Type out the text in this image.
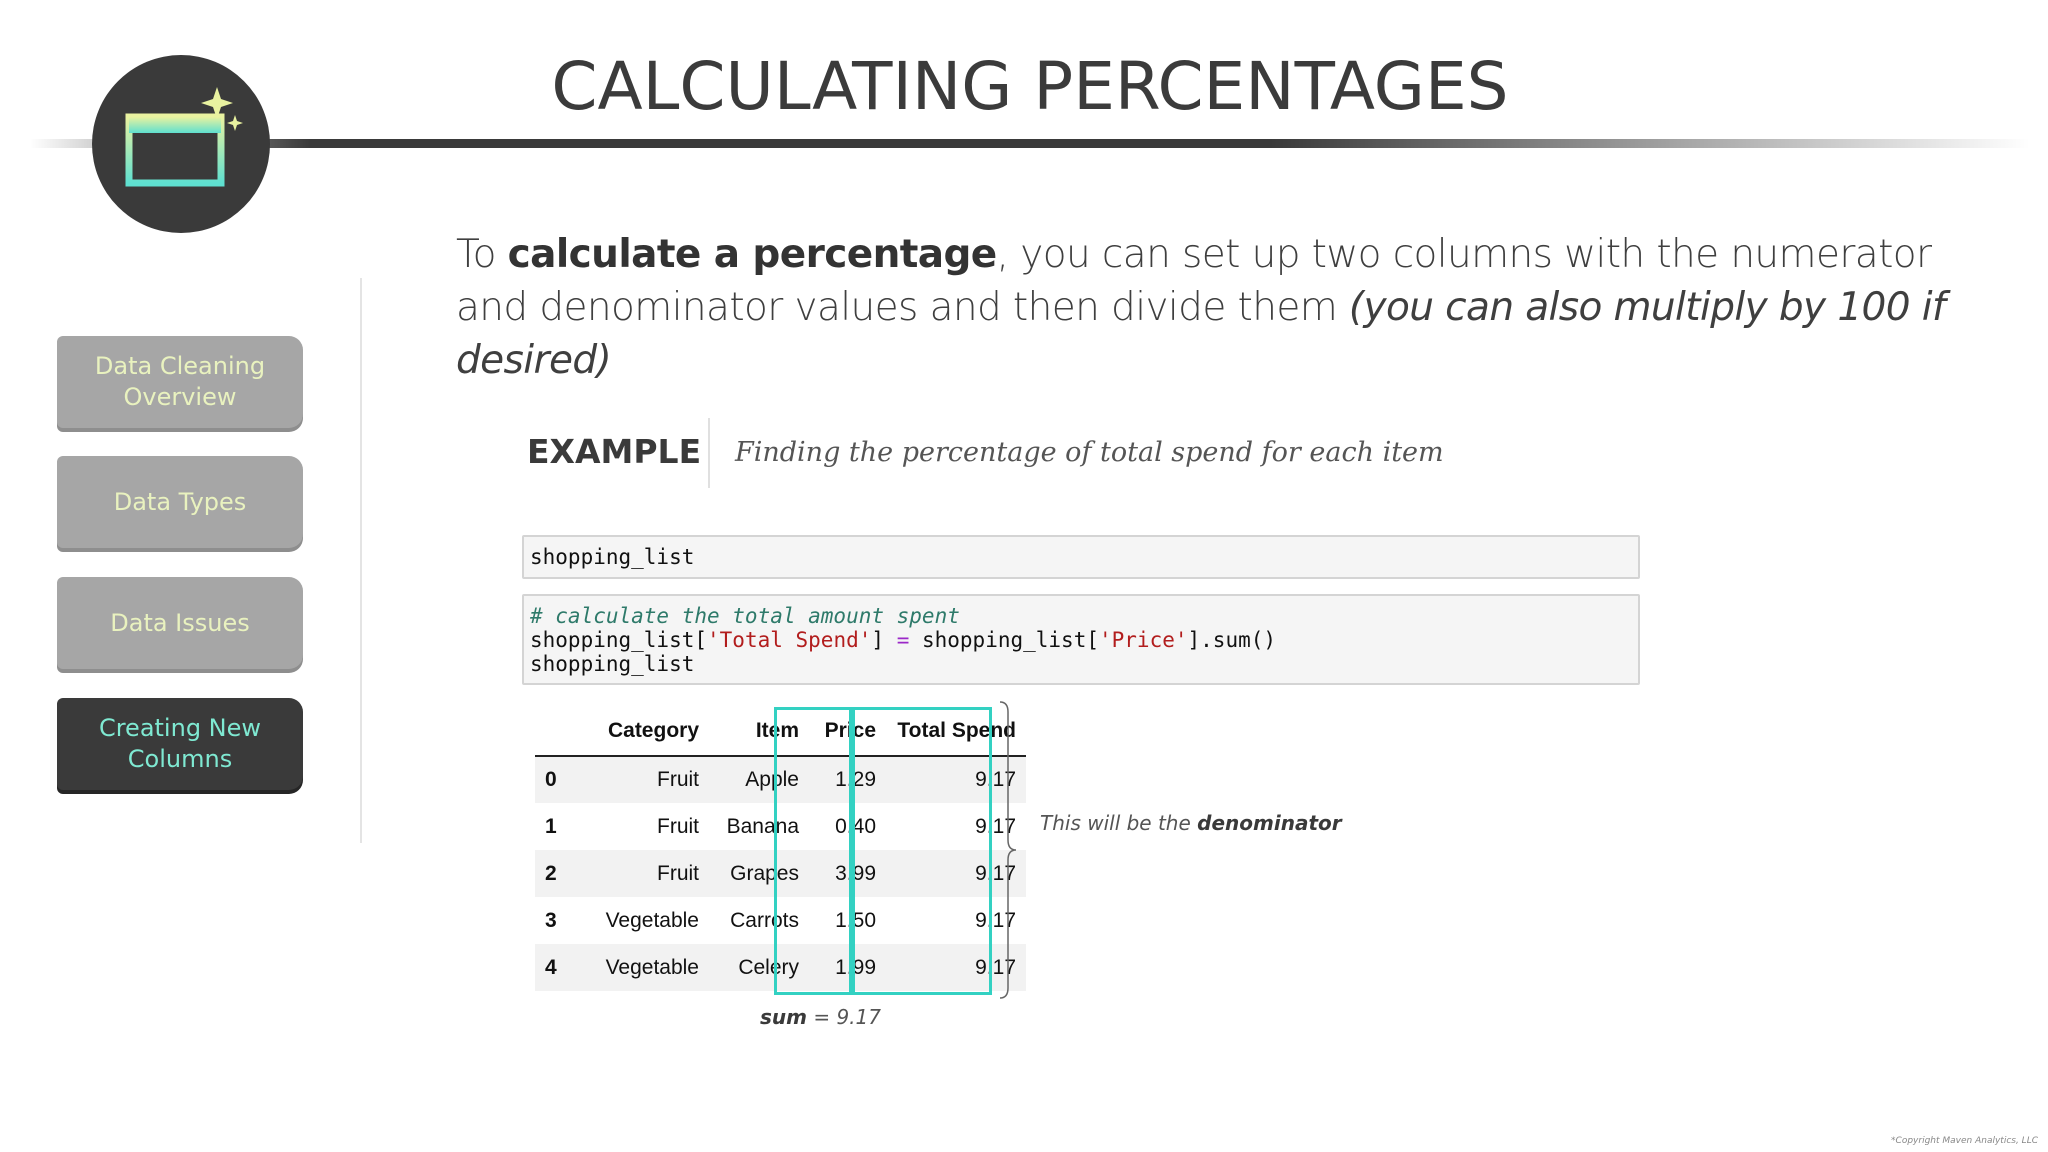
CALCULATING PERCENTAGES
Data Cleaning Overview
Data Types
Data Issues
Creating New Columns
To calculate a percentage, you can set up two columns with the numerator and denominator values and then divide them (you can also multiply by 100 if desired)
EXAMPLE Finding the percentage of total spend for each item
shopping_list
# calculate the total amount spent
shopping_list['Total Spend'] = shopping_list['Price'].sum()
shopping_list
	Category	Item	Price	Total Spend
0	Fruit	Apple	1.29	9.17
1	Fruit	Banana	0.40	9.17
2	Fruit	Grapes	3.99	9.17
3	Vegetable	Carrots	1.50	9.17
4	Vegetable	Celery	1.99	9.17
This will be the denominator
sum = 9.17
*Copyright Maven Analytics, LLC
